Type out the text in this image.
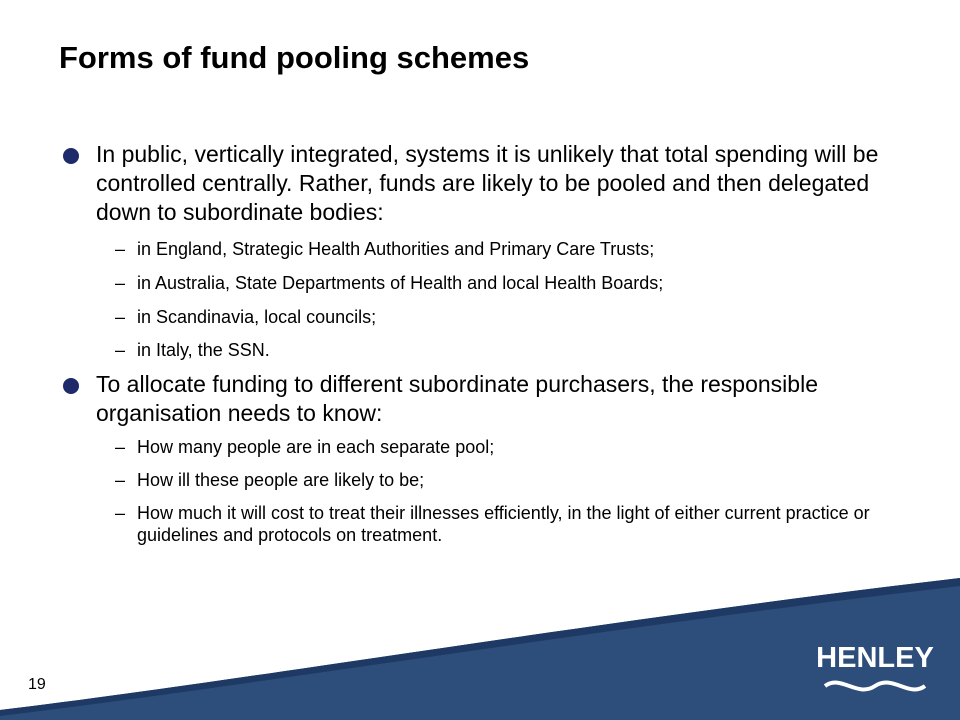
Forms of fund pooling schemes
In public, vertically integrated, systems it is unlikely that total spending will be controlled centrally. Rather, funds are likely to be pooled and then delegated down to subordinate bodies:
– in England, Strategic Health Authorities and Primary Care Trusts;
– in Australia, State Departments of Health and local Health Boards;
– in Scandinavia, local councils;
– in Italy, the SSN.
To allocate funding to different subordinate purchasers, the responsible organisation needs to know:
– How many people are in each separate pool;
– How ill these people are likely to be;
– How much it will cost to treat their illnesses efficiently, in the light of either current practice or guidelines and protocols on treatment.
19
HENLEY
